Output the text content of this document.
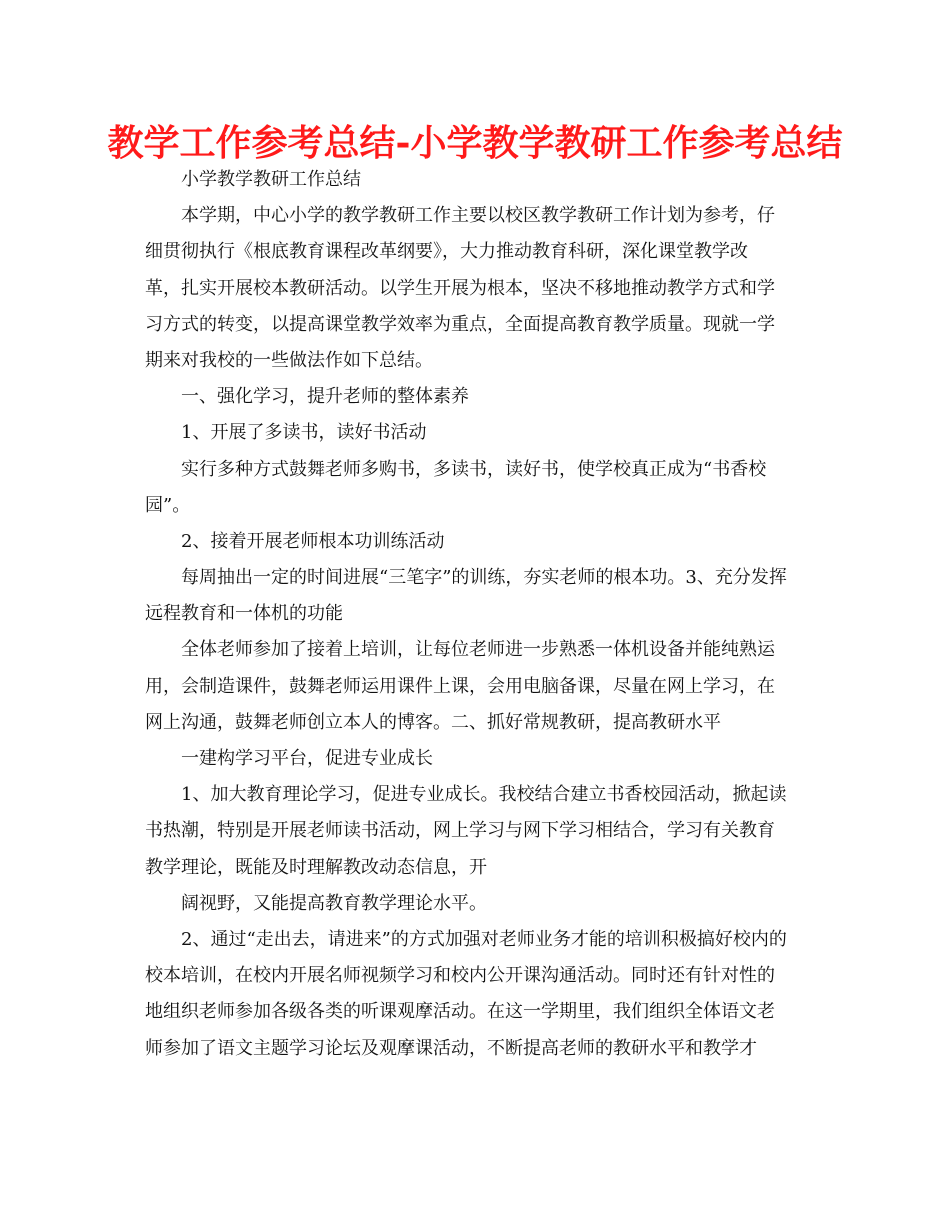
教学工作参考总结-小学教学教研工作参考总结
小学教学教研工作总结
本学期，中心小学的教学教研工作主要以校区教学教研工作计划为参考，仔
细贯彻执行《根底教育课程改革纲要》，大力推动教育科研，深化课堂教学改
革，扎实开展校本教研活动。以学生开展为根本，坚决不移地推动教学方式和学
习方式的转变，以提高课堂教学效率为重点，全面提高教育教学质量。现就一学
期来对我校的一些做法作如下总结。
一、强化学习，提升老师的整体素养
1、开展了多读书，读好书活动
实行多种方式鼓舞老师多购书，多读书，读好书，使学校真正成为“书香校
园”。
2、接着开展老师根本功训练活动
每周抽出一定的时间进展“三笔字”的训练，夯实老师的根本功。3、充分发挥
远程教育和一体机的功能
全体老师参加了接着上培训，让每位老师进一步熟悉一体机设备并能纯熟运
用，会制造课件，鼓舞老师运用课件上课，会用电脑备课，尽量在网上学习，在
网上沟通，鼓舞老师创立本人的博客。二、抓好常规教研，提高教研水平
一建构学习平台，促进专业成长
1、加大教育理论学习，促进专业成长。我校结合建立书香校园活动，掀起读
书热潮，特别是开展老师读书活动，网上学习与网下学习相结合，学习有关教育
教学理论，既能及时理解教改动态信息，开
阔视野，又能提高教育教学理论水平。
2、通过“走出去，请进来”的方式加强对老师业务才能的培训积极搞好校内的
校本培训，在校内开展名师视频学习和校内公开课沟通活动。同时还有针对性的
地组织老师参加各级各类的听课观摩活动。在这一学期里，我们组织全体语文老
师参加了语文主题学习论坛及观摩课活动，不断提高老师的教研水平和教学才
